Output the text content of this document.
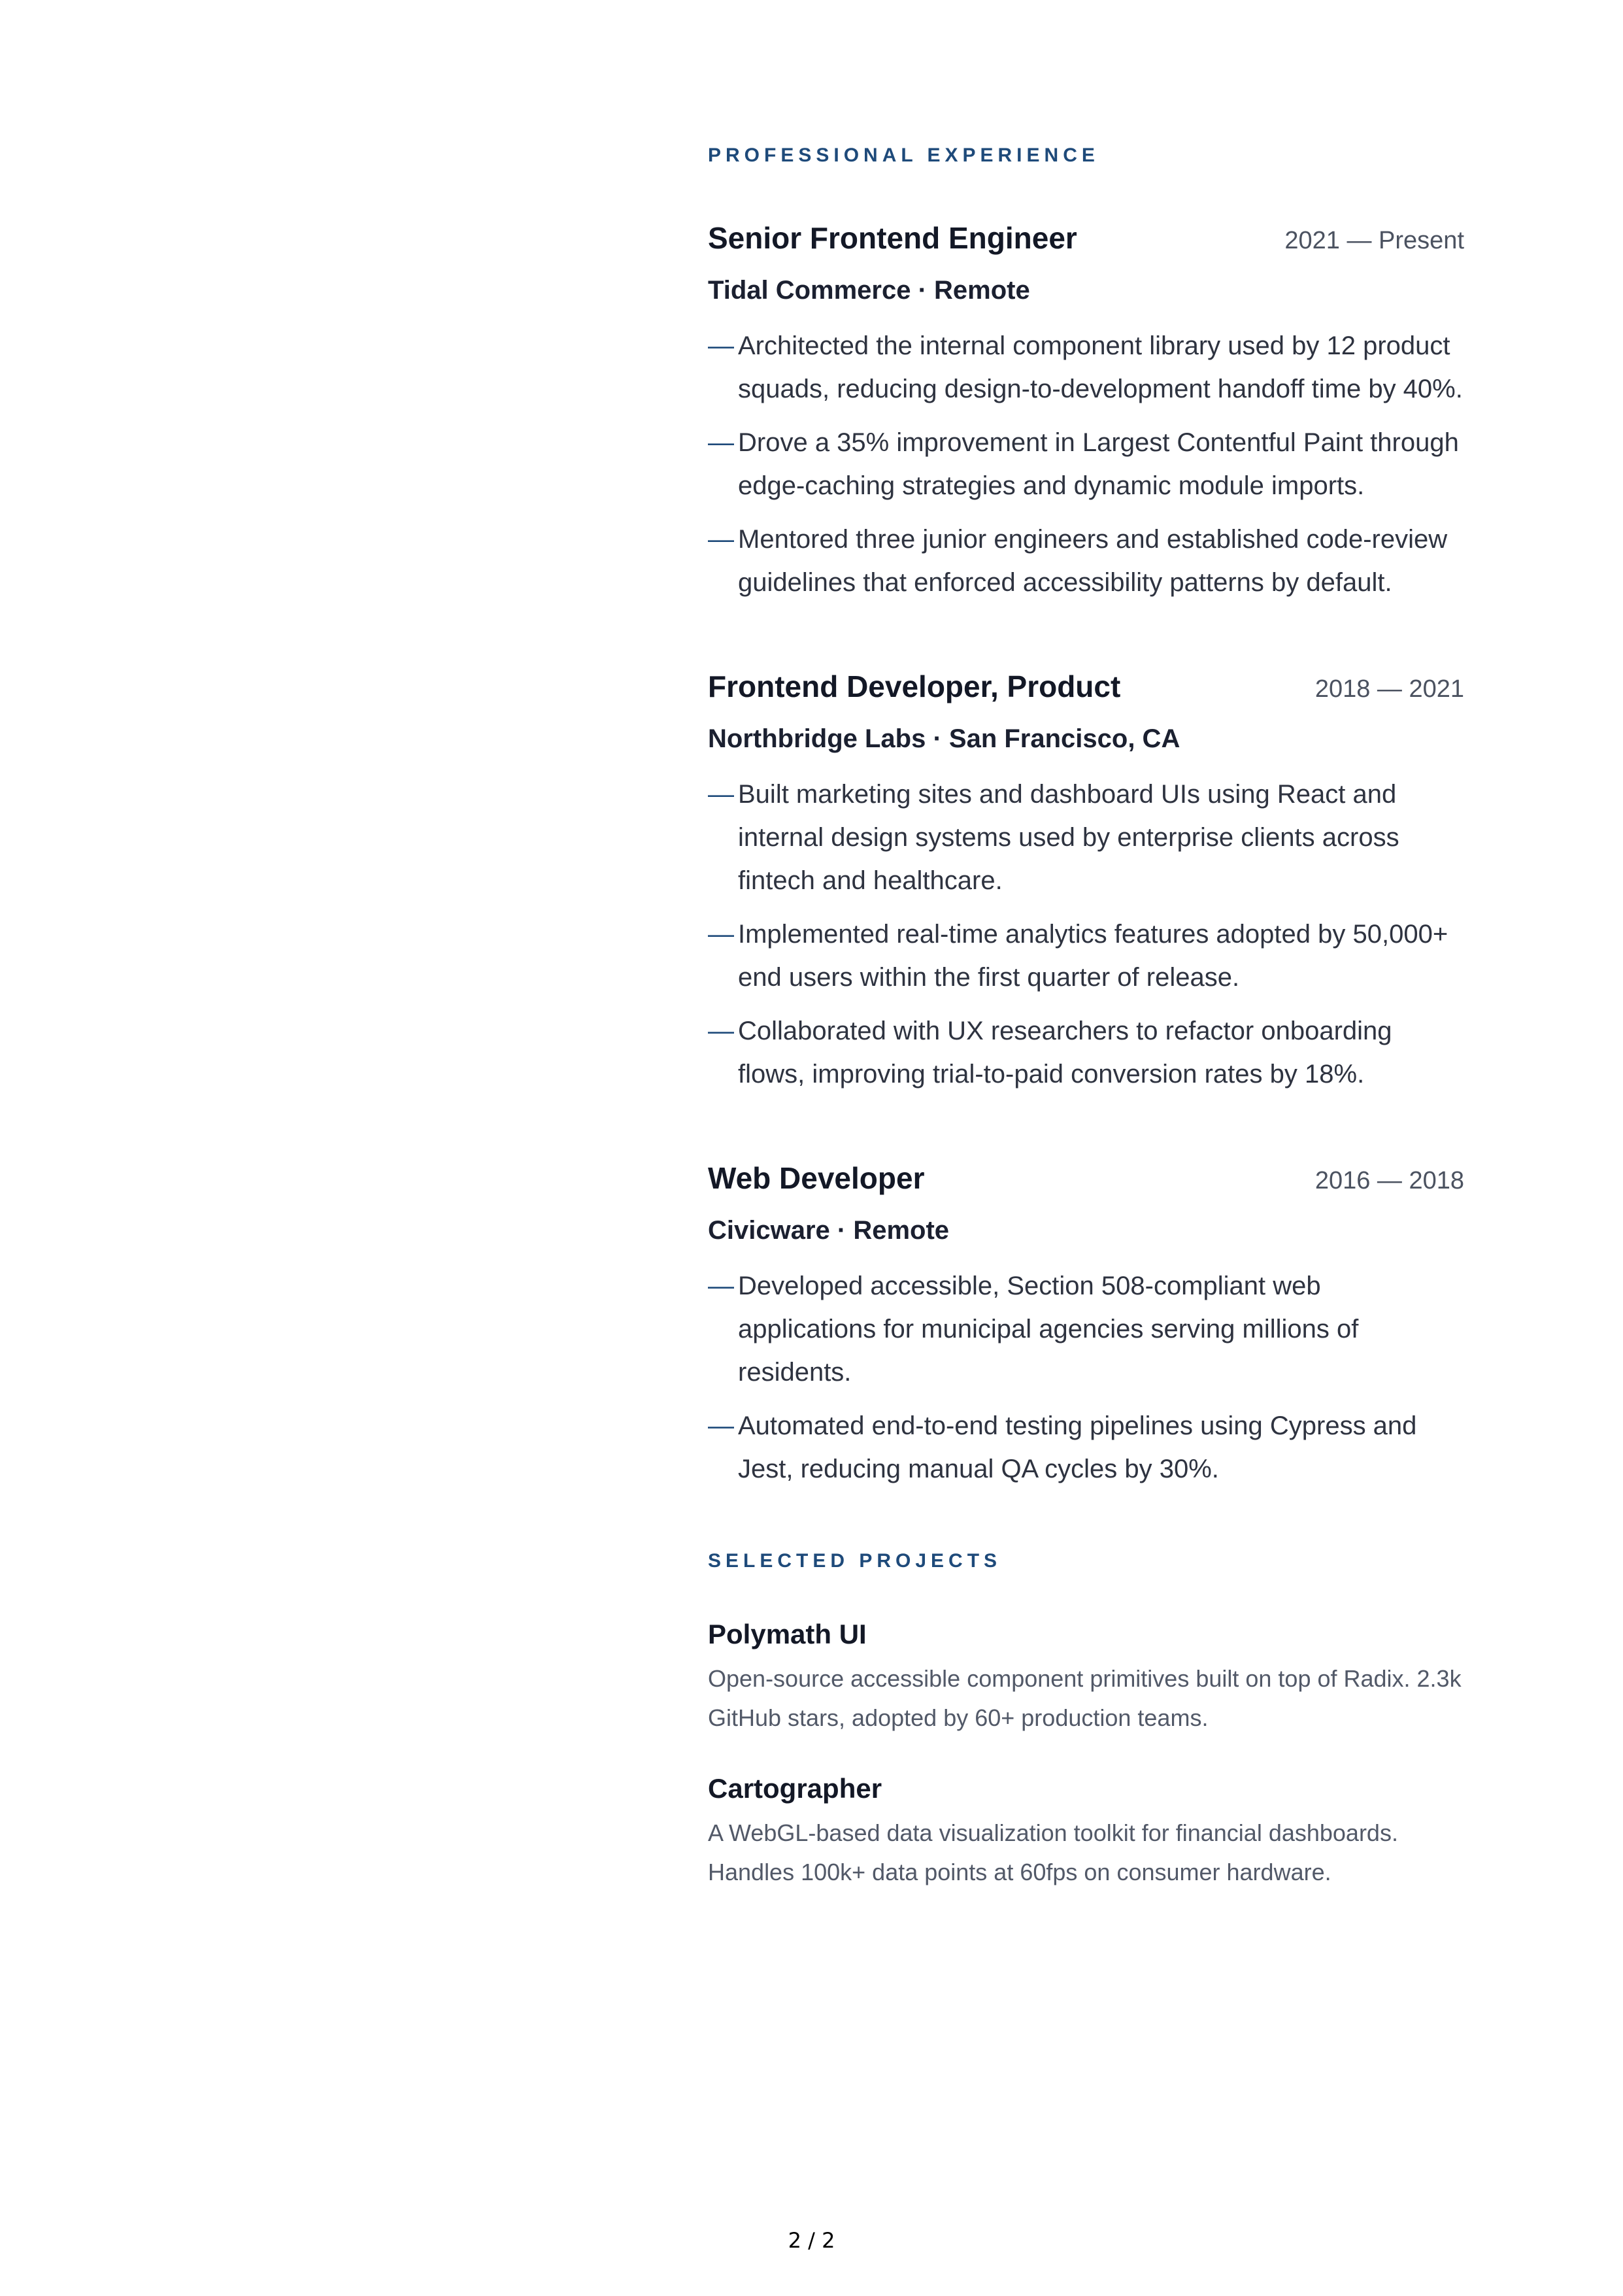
PROFESSIONAL EXPERIENCE
Senior Frontend Engineer	2021 — Present
Tidal Commerce · Remote
— Architected the internal component library used by 12 product squads, reducing design-to-development handoff time by 40%.
— Drove a 35% improvement in Largest Contentful Paint through edge-caching strategies and dynamic module imports.
— Mentored three junior engineers and established code-review guidelines that enforced accessibility patterns by default.
Frontend Developer, Product	2018 — 2021
Northbridge Labs · San Francisco, CA
— Built marketing sites and dashboard UIs using React and internal design systems used by enterprise clients across fintech and healthcare.
— Implemented real-time analytics features adopted by 50,000+ end users within the first quarter of release.
— Collaborated with UX researchers to refactor onboarding flows, improving trial-to-paid conversion rates by 18%.
Web Developer	2016 — 2018
Civicware · Remote
— Developed accessible, Section 508-compliant web applications for municipal agencies serving millions of residents.
— Automated end-to-end testing pipelines using Cypress and Jest, reducing manual QA cycles by 30%.
SELECTED PROJECTS
Polymath UI
Open-source accessible component primitives built on top of Radix. 2.3k GitHub stars, adopted by 60+ production teams.
Cartographer
A WebGL-based data visualization toolkit for financial dashboards. Handles 100k+ data points at 60fps on consumer hardware.
2 / 2
